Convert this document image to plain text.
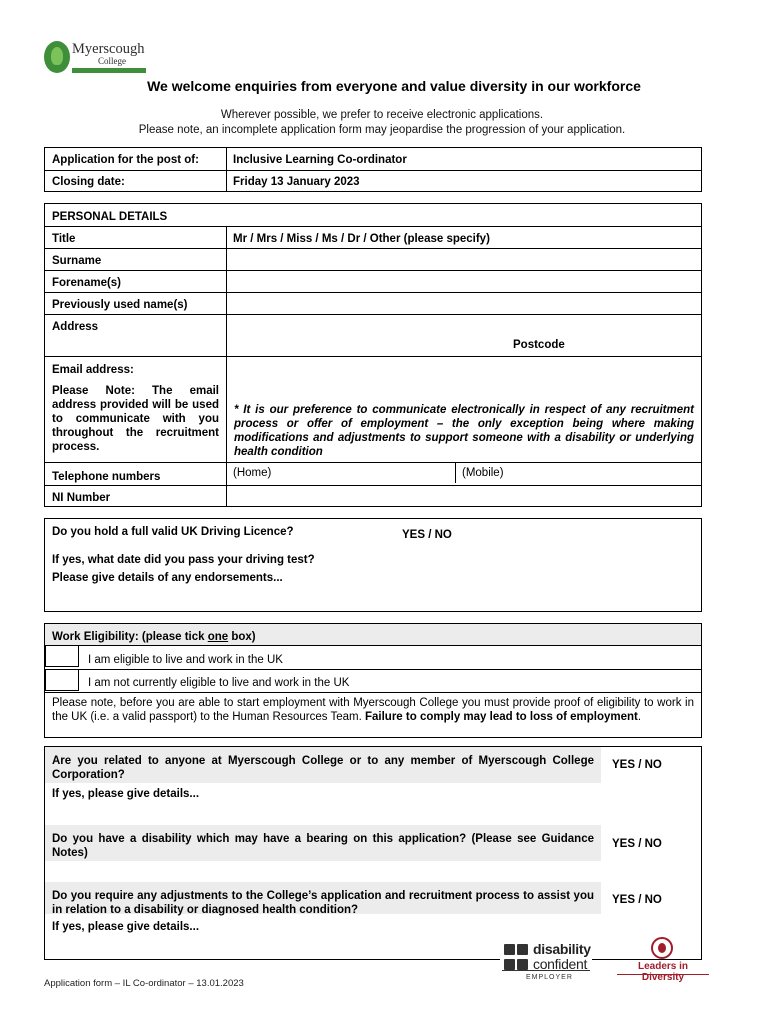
Myerscough
College
We welcome enquiries from everyone and value diversity in our workforce
Wherever possible, we prefer to receive electronic applications.
Please note, an incomplete application form may jeopardise the progression of your application.
Application for the post of:	Inclusive Learning Co-ordinator
Closing date:	Friday 13 January 2023
PERSONAL DETAILS
Title	Mr / Mrs / Miss / Ms / Dr / Other (please specify)
Surname
Forename(s)
Previously used name(s)
Address
Postcode
Email address:
Please Note: The email address provided will be used to communicate with you throughout the recruitment process.
* It is our preference to communicate electronically in respect of any recruitment process or offer of employment – the only exception being where making modifications and adjustments to support someone with a disability or underlying health condition
Telephone numbers	(Home)	(Mobile)
NI Number
Do you hold a full valid UK Driving Licence?	YES / NO
If yes, what date did you pass your driving test?
Please give details of any endorsements...
Work Eligibility: (please tick one box)
I am eligible to live and work in the UK
I am not currently eligible to live and work in the UK
Please note, before you are able to start employment with Myerscough College you must provide proof of eligibility to work in the UK (i.e. a valid passport) to the Human Resources Team. Failure to comply may lead to loss of employment.
Are you related to anyone at Myerscough College or to any member of Myerscough College Corporation?
YES / NO
If yes, please give details...
Do you have a disability which may have a bearing on this application? (Please see Guidance Notes)
YES / NO
Do you require any adjustments to the College’s application and recruitment process to assist you in relation to a disability or diagnosed health condition?
YES / NO
If yes, please give details...
disability
confident
EMPLOYER
Leaders in Diversity
Application form – IL Co-ordinator – 13.01.2023
